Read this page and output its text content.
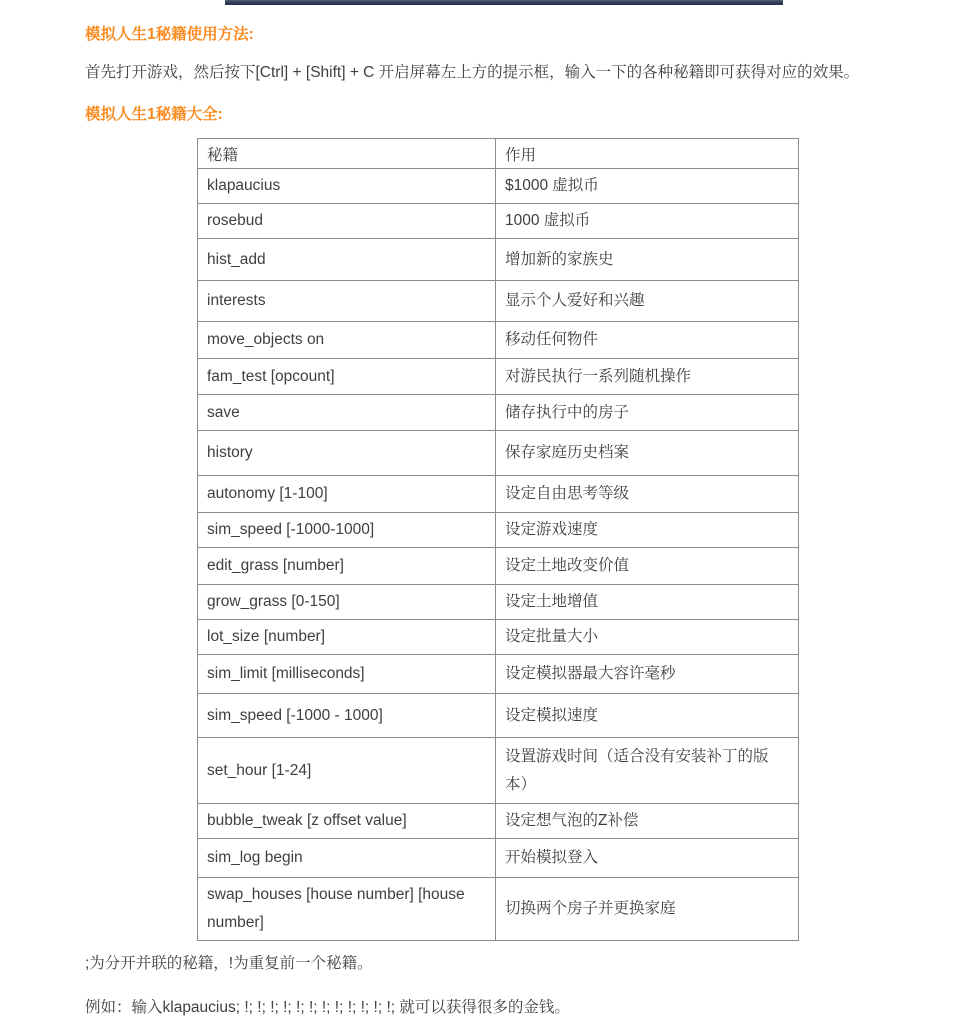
模拟人生1秘籍使用方法:

首先打开游戏，然后按下[Ctrl] + [Shift] + C 开启屏幕左上方的提示框，输入一下的各种秘籍即可获得对应的效果。

模拟人生1秘籍大全:
秘籍	作用
klapaucius	$1000 虚拟币
rosebud	1000 虚拟币
hist_add	增加新的家族史
interests	显示个人爱好和兴趣
move_objects on	移动任何物件
fam_test [opcount]	对游民执行一系列随机操作
save	储存执行中的房子
history	保存家庭历史档案
autonomy [1-100]	设定自由思考等级
sim_speed [-1000-1000]	设定游戏速度
edit_grass [number]	设定土地改变价值
grow_grass [0-150]	设定土地增值
lot_size [number]	设定批量大小
sim_limit [milliseconds]	设定模拟器最大容许毫秒
sim_speed [-1000 - 1000]	设定模拟速度
set_hour [1-24]	设置游戏时间（适合没有安装补丁的版本）
bubble_tweak [z offset value]	设定想气泡的Z补偿
sim_log begin	开始模拟登入
swap_houses [house number] [house number]	切换两个房子并更换家庭

;为分开并联的秘籍，!为重复前一个秘籍。

例如：输入klapaucius; !; !; !; !; !; !; !; !; !; !; !; !; 就可以获得很多的金钱。
